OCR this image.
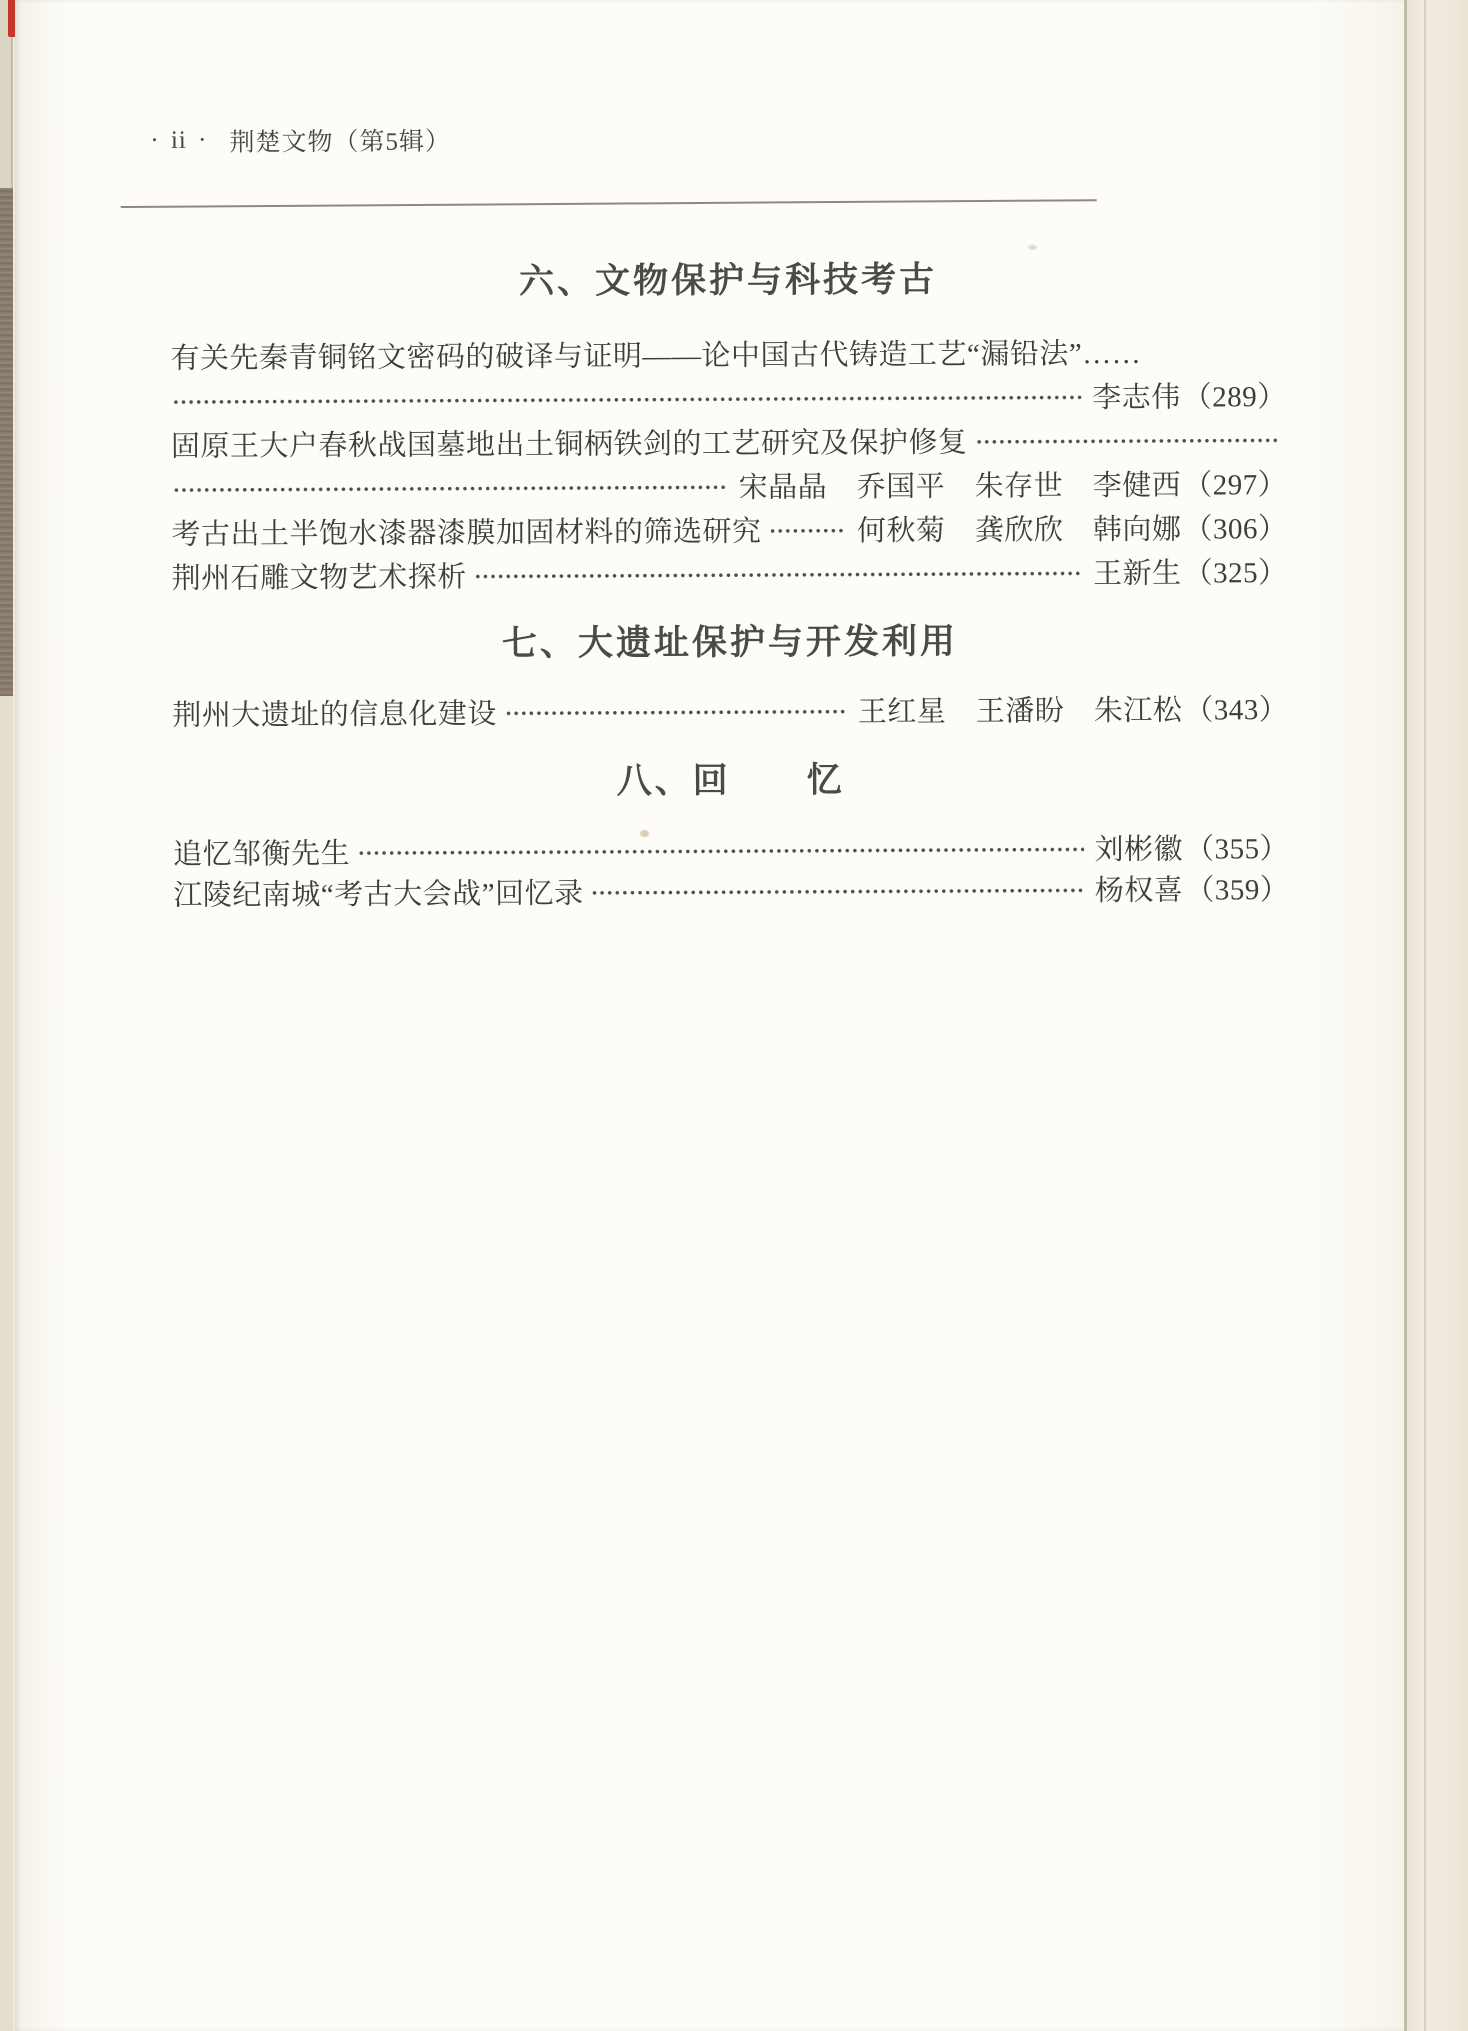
· ii · 荆楚文物（第5辑）
六、文物保护与科技考古
有关先秦青铜铭文密码的破译与证明——论中国古代铸造工艺“漏铅法”……
李志伟 （289）
固原王大户春秋战国墓地出土铜柄铁剑的工艺研究及保护修复
宋晶晶　乔国平　朱存世　李健西 （297）
考古出土半饱水漆器漆膜加固材料的筛选研究	何秋菊　龚欣欣　韩向娜 （306）
荆州石雕文物艺术探析	王新生 （325）
七、大遗址保护与开发利用
荆州大遗址的信息化建设	王红星　王潘盼　朱江松 （343）
八、回　　忆
追忆邹衡先生	刘彬徽 （355）
江陵纪南城“考古大会战”回忆录	杨权喜 （359）
